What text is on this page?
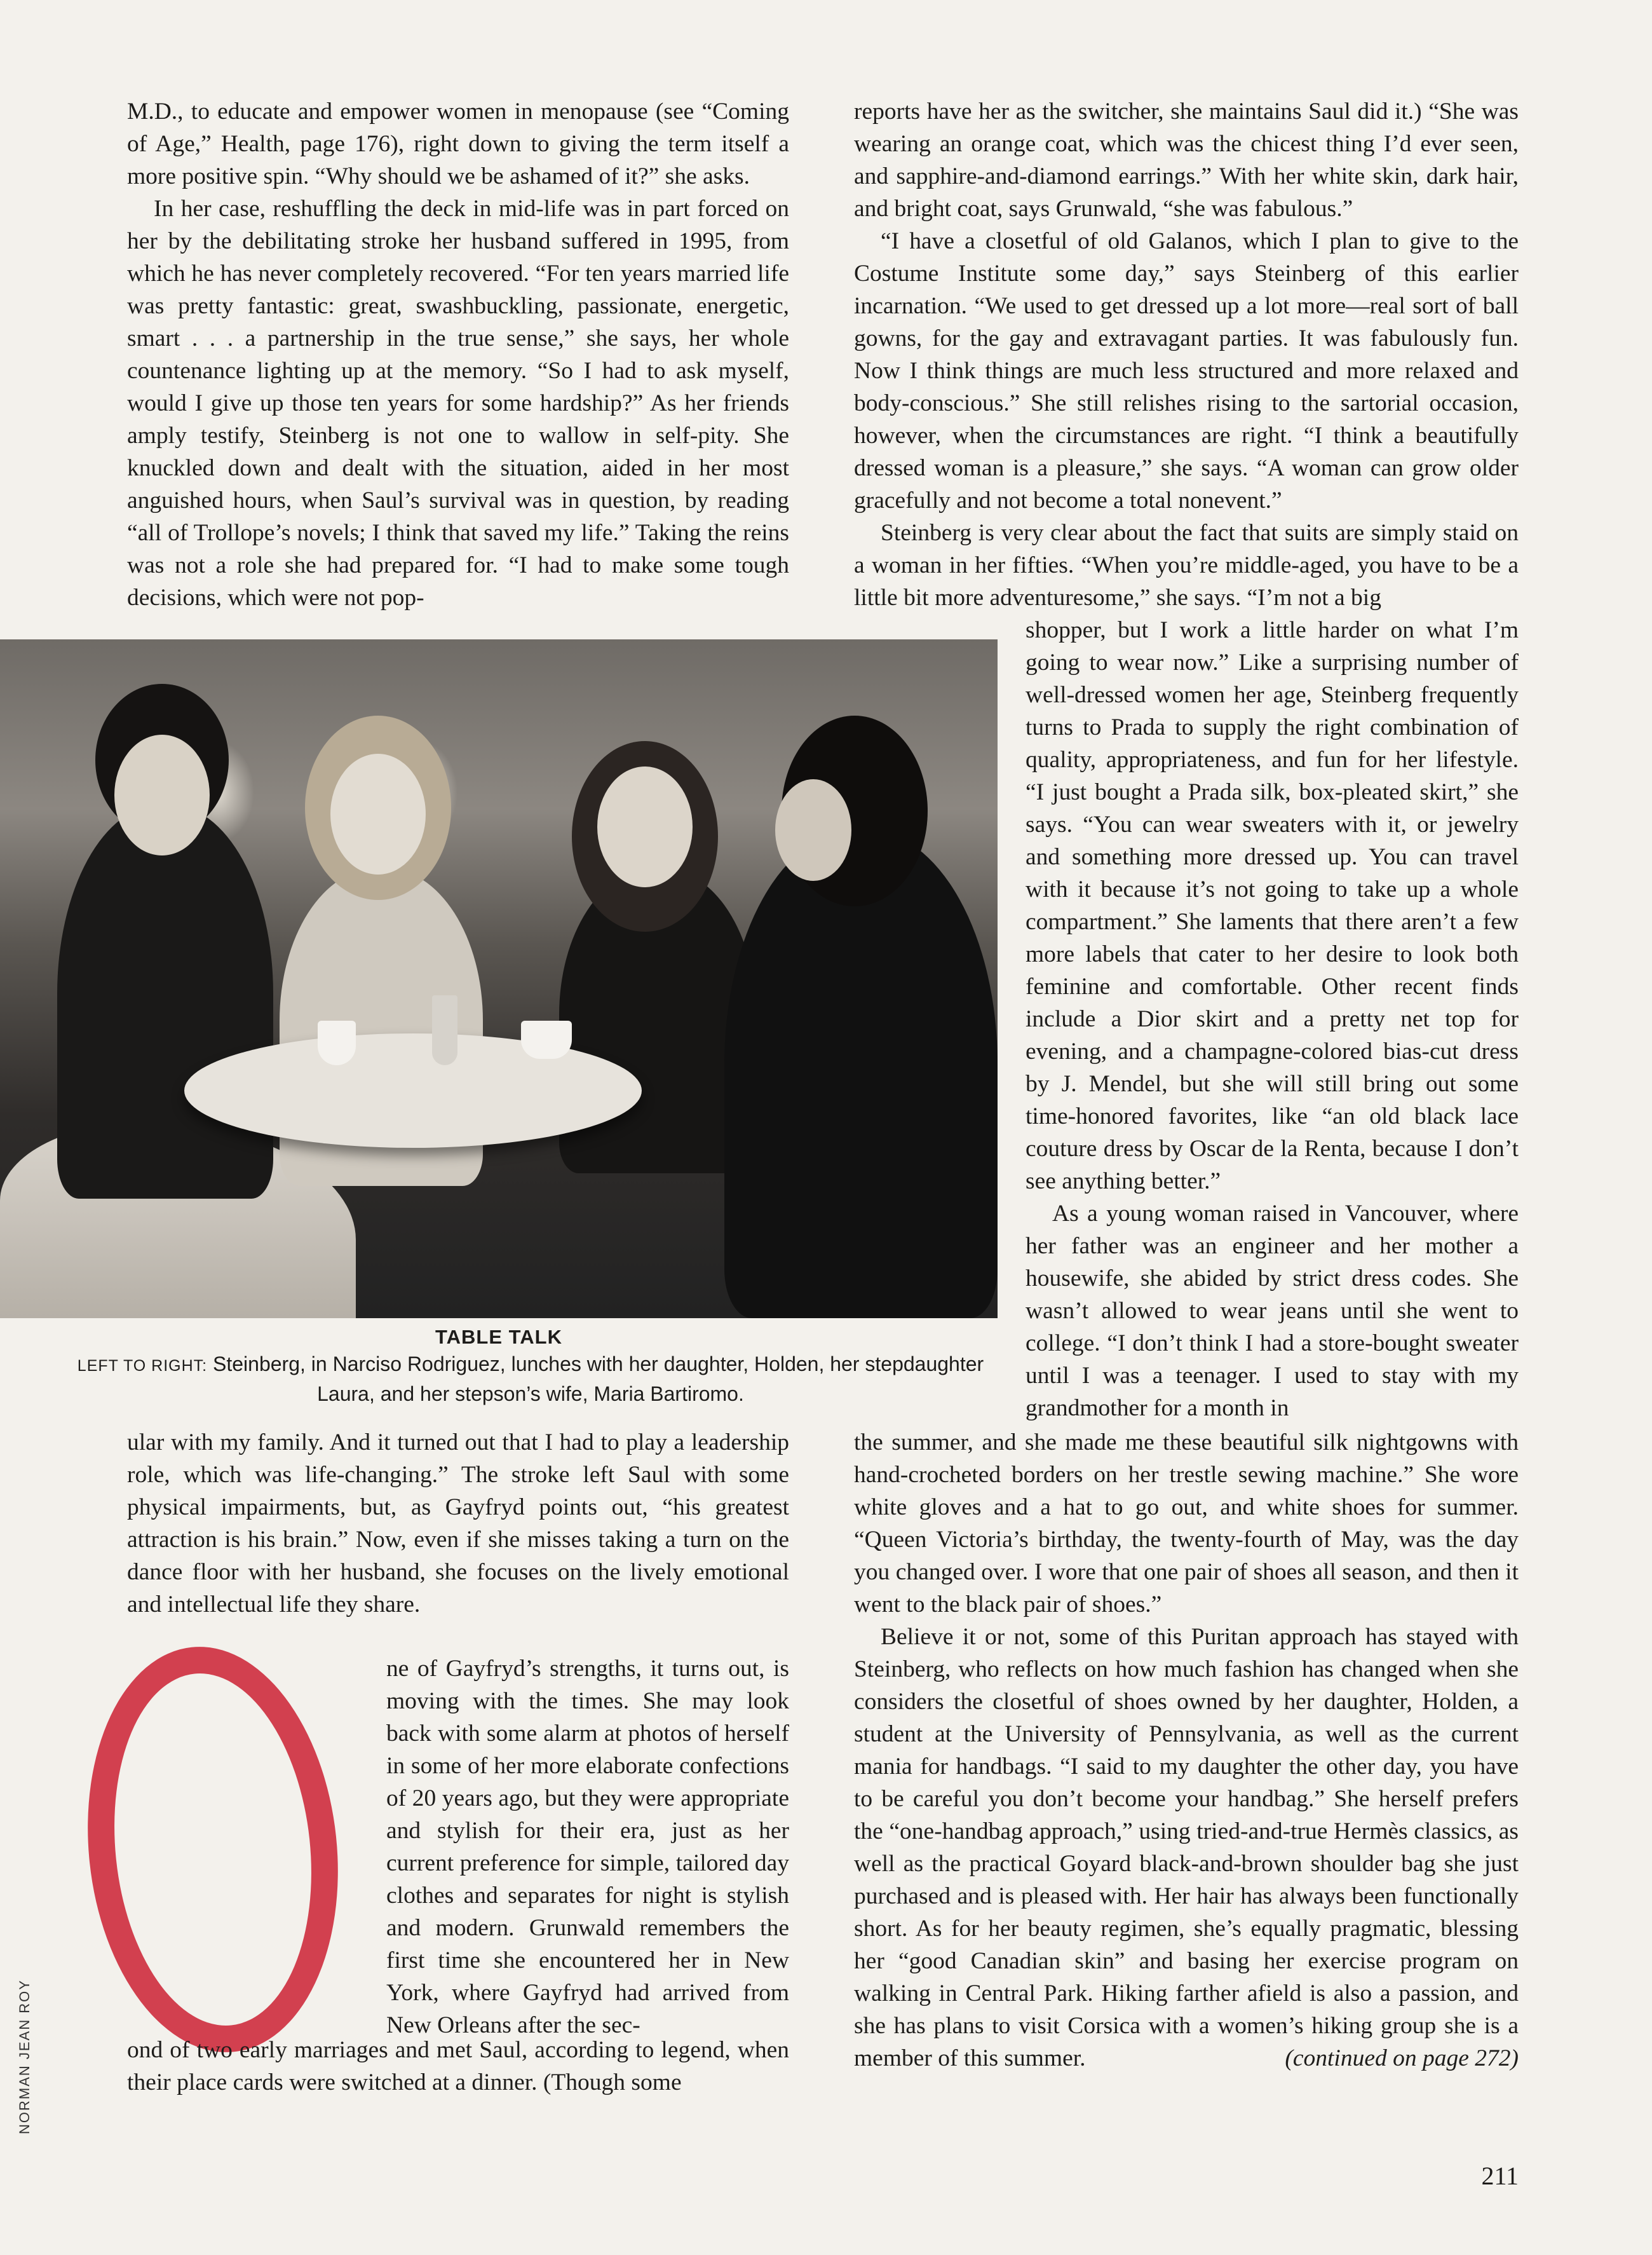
M.D., to educate and empower women in menopause (see “Coming of Age,” Health, page 176), right down to giving the term itself a more positive spin. “Why should we be ashamed of it?” she asks.

In her case, reshuffling the deck in mid-life was in part forced on her by the debilitating stroke her husband suffered in 1995, from which he has never completely recovered. “For ten years married life was pretty fantastic: great, swashbuckling, passionate, energetic, smart . . . a partnership in the true sense,” she says, her whole countenance lighting up at the memory. “So I had to ask myself, would I give up those ten years for some hardship?” As her friends amply testify, Steinberg is not one to wallow in self-pity. She knuckled down and dealt with the situation, aided in her most anguished hours, when Saul’s survival was in question, by reading “all of Trollope’s novels; I think that saved my life.” Taking the reins was not a role she had prepared for. “I had to make some tough decisions, which were not pop-

reports have her as the switcher, she maintains Saul did it.) “She was wearing an orange coat, which was the chicest thing I’d ever seen, and sapphire-and-diamond earrings.” With her white skin, dark hair, and bright coat, says Grunwald, “she was fabulous.”

“I have a closetful of old Galanos, which I plan to give to the Costume Institute some day,” says Steinberg of this earlier incarnation. “We used to get dressed up a lot more—real sort of ball gowns, for the gay and extravagant parties. It was fabulously fun. Now I think things are much less structured and more relaxed and body-conscious.” She still relishes rising to the sartorial occasion, however, when the circumstances are right. “I think a beautifully dressed woman is a pleasure,” she says. “A woman can grow older gracefully and not become a total nonevent.”

Steinberg is very clear about the fact that suits are simply staid on a woman in her fifties. “When you’re middle-aged, you have to be a little bit more adventuresome,” she says. “I’m not a big

TABLE TALK
LEFT TO RIGHT: Steinberg, in Narciso Rodriguez, lunches with her daughter, Holden, her stepdaughter Laura, and her stepson’s wife, Maria Bartiromo.

shopper, but I work a little harder on what I’m going to wear now.” Like a surprising number of well-dressed women her age, Steinberg frequently turns to Prada to supply the right combination of quality, appropriateness, and fun for her lifestyle. “I just bought a Prada silk, box-pleated skirt,” she says. “You can wear sweaters with it, or jewelry and something more dressed up. You can travel with it because it’s not going to take up a whole compartment.” She laments that there aren’t a few more labels that cater to her desire to look both feminine and comfortable. Other recent finds include a Dior skirt and a pretty net top for evening, and a champagne-colored bias-cut dress by J. Mendel, but she will still bring out some time-honored favorites, like “an old black lace couture dress by Oscar de la Renta, because I don’t see anything better.”

As a young woman raised in Vancouver, where her father was an engineer and her mother a housewife, she abided by strict dress codes. She wasn’t allowed to wear jeans until she went to college. “I don’t think I had a store-bought sweater until I was a teenager. I used to stay with my grandmother for a month in

ular with my family. And it turned out that I had to play a leadership role, which was life-changing.” The stroke left Saul with some physical impairments, but, as Gayfryd points out, “his greatest attraction is his brain.” Now, even if she misses taking a turn on the dance floor with her husband, she focuses on the lively emotional and intellectual life they share.

ne of Gayfryd’s strengths, it turns out, is moving with the times. She may look back with some alarm at photos of herself in some of her more elaborate confections of 20 years ago, but they were appropriate and stylish for their era, just as her current preference for simple, tailored day clothes and separates for night is stylish and modern. Grunwald remembers the first time she encountered her in New York, where Gayfryd had arrived from New Orleans after the sec-

ond of two early marriages and met Saul, according to legend, when their place cards were switched at a dinner. (Though some

the summer, and she made me these beautiful silk nightgowns with hand-crocheted borders on her trestle sewing machine.” She wore white gloves and a hat to go out, and white shoes for summer. “Queen Victoria’s birthday, the twenty-fourth of May, was the day you changed over. I wore that one pair of shoes all season, and then it went to the black pair of shoes.”

Believe it or not, some of this Puritan approach has stayed with Steinberg, who reflects on how much fashion has changed when she considers the closetful of shoes owned by her daughter, Holden, a student at the University of Pennsylvania, as well as the current mania for handbags. “I said to my daughter the other day, you have to be careful you don’t become your handbag.” She herself prefers the “one-handbag approach,” using tried-and-true Hermès classics, as well as the practical Goyard black-and-brown shoulder bag she just purchased and is pleased with. Her hair has always been functionally short. As for her beauty regimen, she’s equally pragmatic, blessing her “good Canadian skin” and basing her exercise program on walking in Central Park. Hiking farther afield is also a passion, and she has plans to visit Corsica with a women’s hiking group she is a member of this summer.	(continued on page 272)

NORMAN JEAN ROY
211
